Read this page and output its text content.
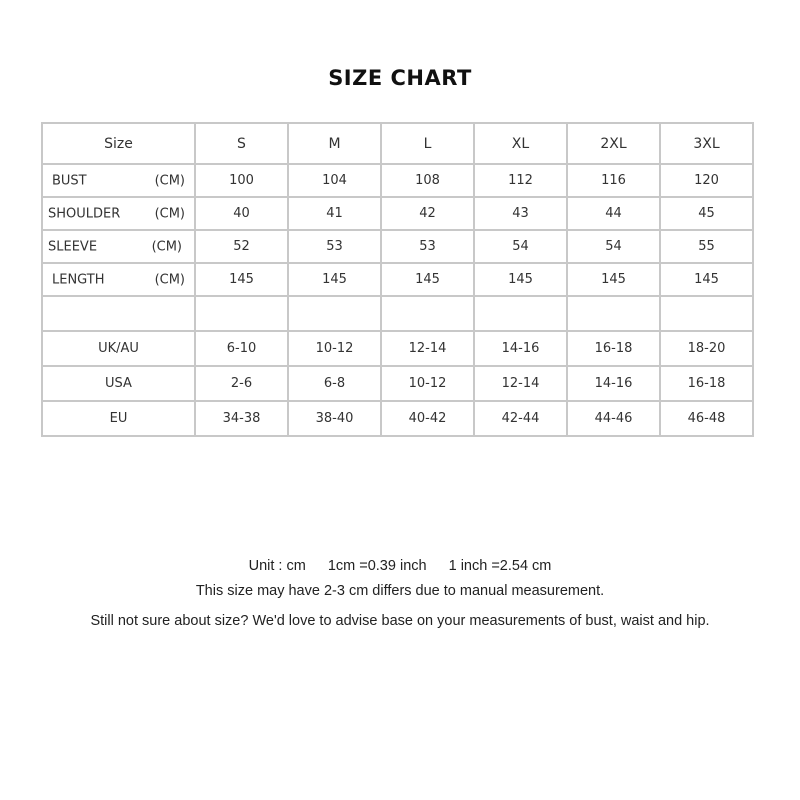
SIZE CHART
Size	S	M	L	XL	2XL	3XL

BUST (CM)	100	104	108	112	116	120

SHOULDER (CM)	40	41	42	43	44	45

SLEEVE (CM)	52	53	53	54	54	55

LENGTH (CM)	145	145	145	145	145	145

UK/AU	6-10	10-12	12-14	14-16	16-18	18-20
USA	2-6	6-8	10-12	12-14	14-16	16-18
EU	34-38	38-40	40-42	42-44	44-46	46-48
Unit : cm 1cm =0.39 inch 1 inch =2.54 cm
This size may have 2-3 cm differs due to manual measurement.
Still not sure about size? We'd love to advise base on your measurements of bust, waist and hip.
